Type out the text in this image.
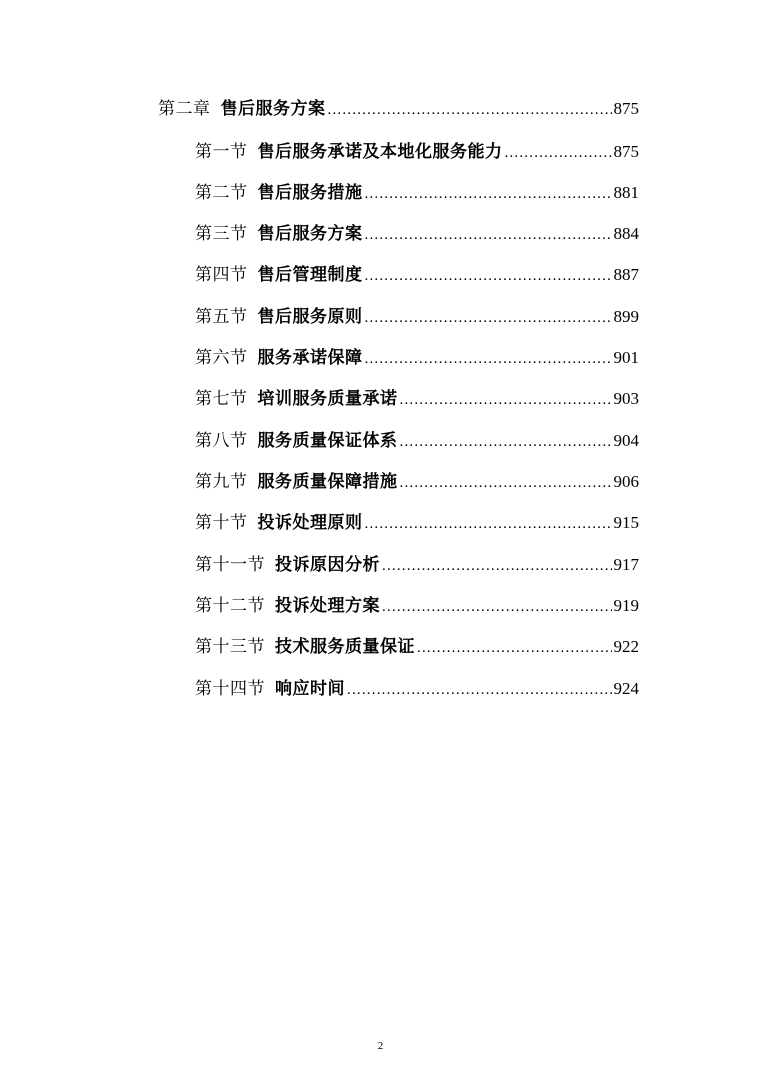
第二章 售后服务方案 .....	875
第一节 售后服务承诺及本地化服务能力 .....	875
第二节 售后服务措施 .....	881
第三节 售后服务方案 .....	884
第四节 售后管理制度 .....	887
第五节 售后服务原则 .....	899
第六节 服务承诺保障 .....	901
第七节 培训服务质量承诺 .....	903
第八节 服务质量保证体系 .....	904
第九节 服务质量保障措施 .....	906
第十节 投诉处理原则 .....	915
第十一节 投诉原因分析 .....	917
第十二节 投诉处理方案 .....	919
第十三节 技术服务质量保证 .....	922
第十四节 响应时间 .....	924
2
